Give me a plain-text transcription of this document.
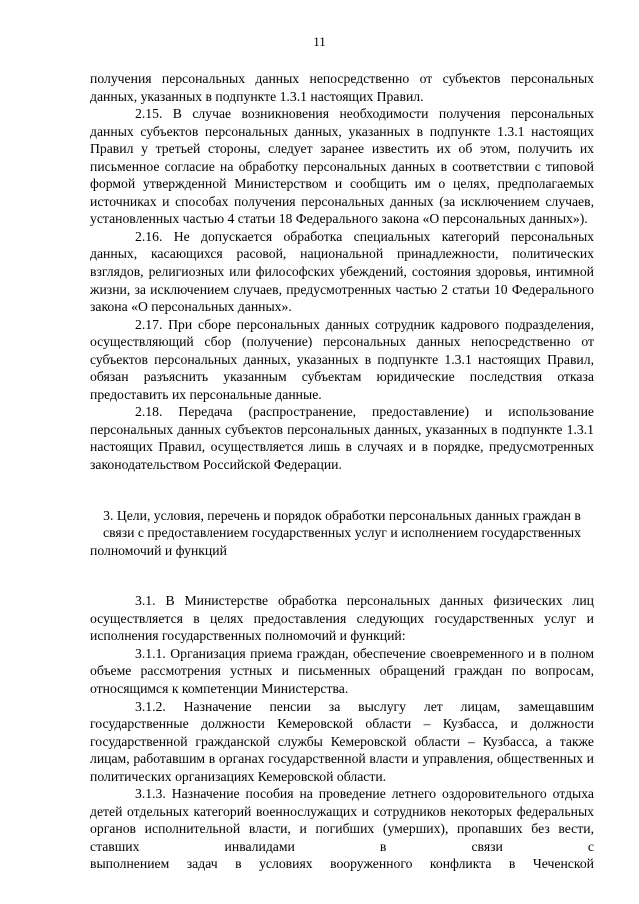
11

получения персональных данных непосредственно от субъектов персональных данных, указанных в подпункте 1.3.1 настоящих Правил.

2.15. В случае возникновения необходимости получения персональных данных субъектов персональных данных, указанных в подпункте 1.3.1 настоящих Правил у третьей стороны, следует заранее известить их об этом, получить их письменное согласие на обработку персональных данных в соответствии с типовой формой утвержденной Министерством и сообщить им о целях, предполагаемых источниках и способах получения персональных данных (за исключением случаев, установленных частью 4 статьи 18 Федерального закона «О персональных данных»).

2.16. Не допускается обработка специальных категорий персональных данных, касающихся расовой, национальной принадлежности, политических взглядов, религиозных или философских убеждений, состояния здоровья, интимной жизни, за исключением случаев, предусмотренных частью 2 статьи 10 Федерального закона «О персональных данных».

2.17. При сборе персональных данных сотрудник кадрового подразделения, осуществляющий сбор (получение) персональных данных непосредственно от субъектов персональных данных, указанных в подпункте 1.3.1 настоящих Правил, обязан разъяснить указанным субъектам юридические последствия отказа предоставить их персональные данные.

2.18. Передача (распространение, предоставление) и использование персональных данных субъектов персональных данных, указанных в подпункте 1.3.1 настоящих Правил, осуществляется лишь в случаях и в порядке, предусмотренных законодательством Российской Федерации.

3. Цели, условия, перечень и порядок обработки персональных данных граждан в связи с предоставлением государственных услуг и исполнением государственных полномочий и функций

3.1. В Министерстве обработка персональных данных физических лиц осуществляется в целях предоставления следующих государственных услуг и исполнения государственных полномочий и функций:

3.1.1. Организация приема граждан, обеспечение своевременного и в полном объеме рассмотрения устных и письменных обращений граждан по вопросам, относящимся к компетенции Министерства.

3.1.2. Назначение пенсии за выслугу лет лицам, замещавшим государственные должности Кемеровской области – Кузбасса, и должности государственной гражданской службы Кемеровской области – Кузбасса, а также лицам, работавшим в органах государственной власти и управления, общественных и политических организациях Кемеровской области.

3.1.3. Назначение пособия на проведение летнего оздоровительного отдыха детей отдельных категорий военнослужащих и сотрудников некоторых федеральных органов исполнительной власти, и погибших (умерших), пропавших без вести, ставших инвалидами в связи с

выполнением задач в условиях вооруженного конфликта в Чеченской
